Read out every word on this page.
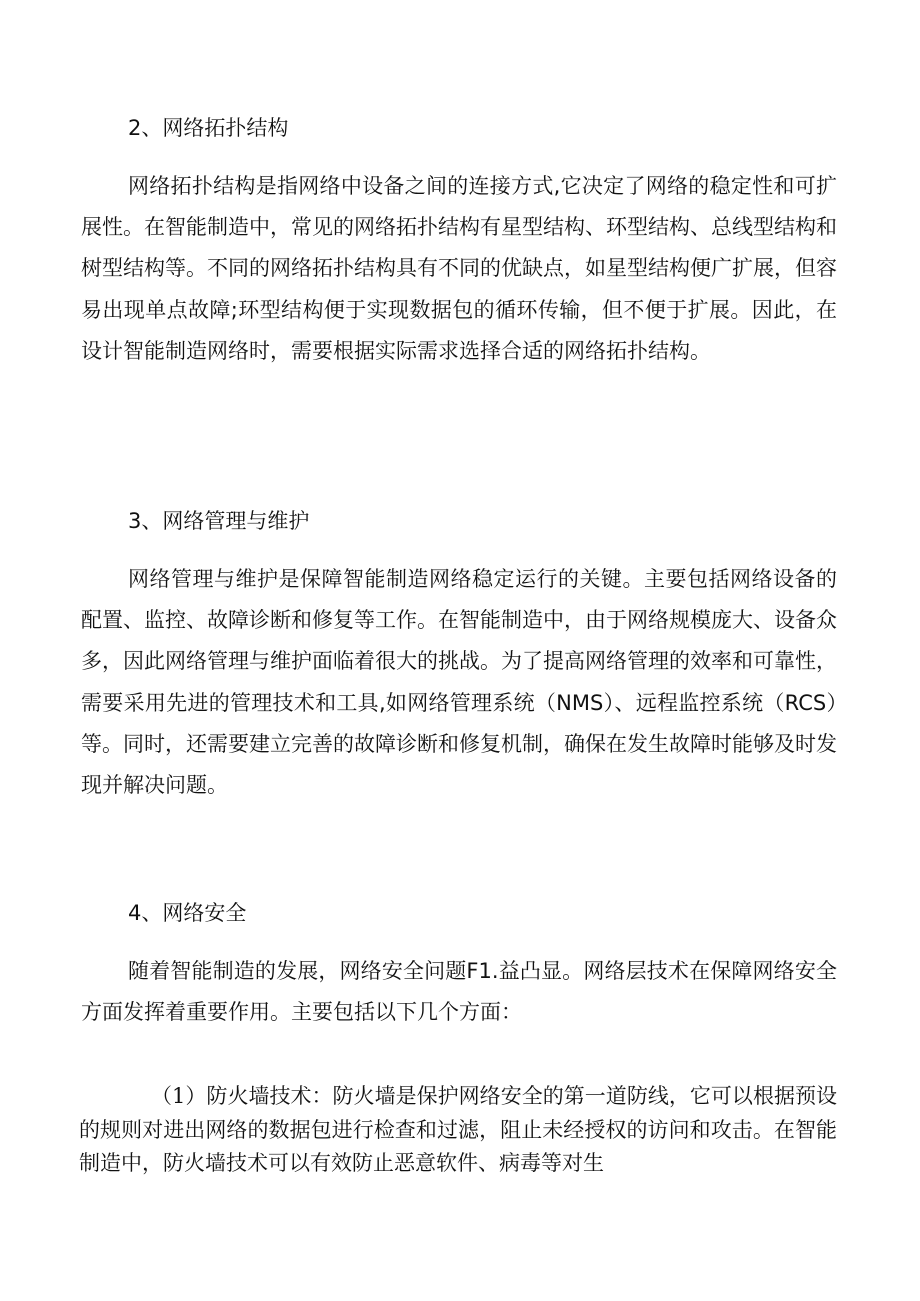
2、网络拓扑结构
网络拓扑结构是指网络中设备之间的连接方式,它决定了网络的稳定性和可扩展性。在智能制造中，常见的网络拓扑结构有星型结构、环型结构、总线型结构和树型结构等。不同的网络拓扑结构具有不同的优缺点，如星型结构便广扩展，但容易出现单点故障;环型结构便于实现数据包的循环传输，但不便于扩展。因此，在设计智能制造网络时，需要根据实际需求选择合适的网络拓扑结构。
3、网络管理与维护
网络管理与维护是保障智能制造网络稳定运行的关键。主要包括网络设备的配置、监控、故障诊断和修复等工作。在智能制造中，由于网络规模庞大、设备众多，因此网络管理与维护面临着很大的挑战。为了提高网络管理的效率和可靠性，需要采用先进的管理技术和工具,如网络管理系统（NMS）、远程监控系统（RCS）等。同时，还需要建立完善的故障诊断和修复机制，确保在发生故障时能够及时发现并解决问题。
4、网络安全
随着智能制造的发展，网络安全问题F1.益凸显。网络层技术在保障网络安全方面发挥着重要作用。主要包括以下几个方面：
（1）防火墙技术：防火墙是保护网络安全的第一道防线，它可以根据预设的规则对进出网络的数据包进行检查和过滤，阻止未经授权的访问和攻击。在智能制造中，防火墙技术可以有效防止恶意软件、病毒等对生
